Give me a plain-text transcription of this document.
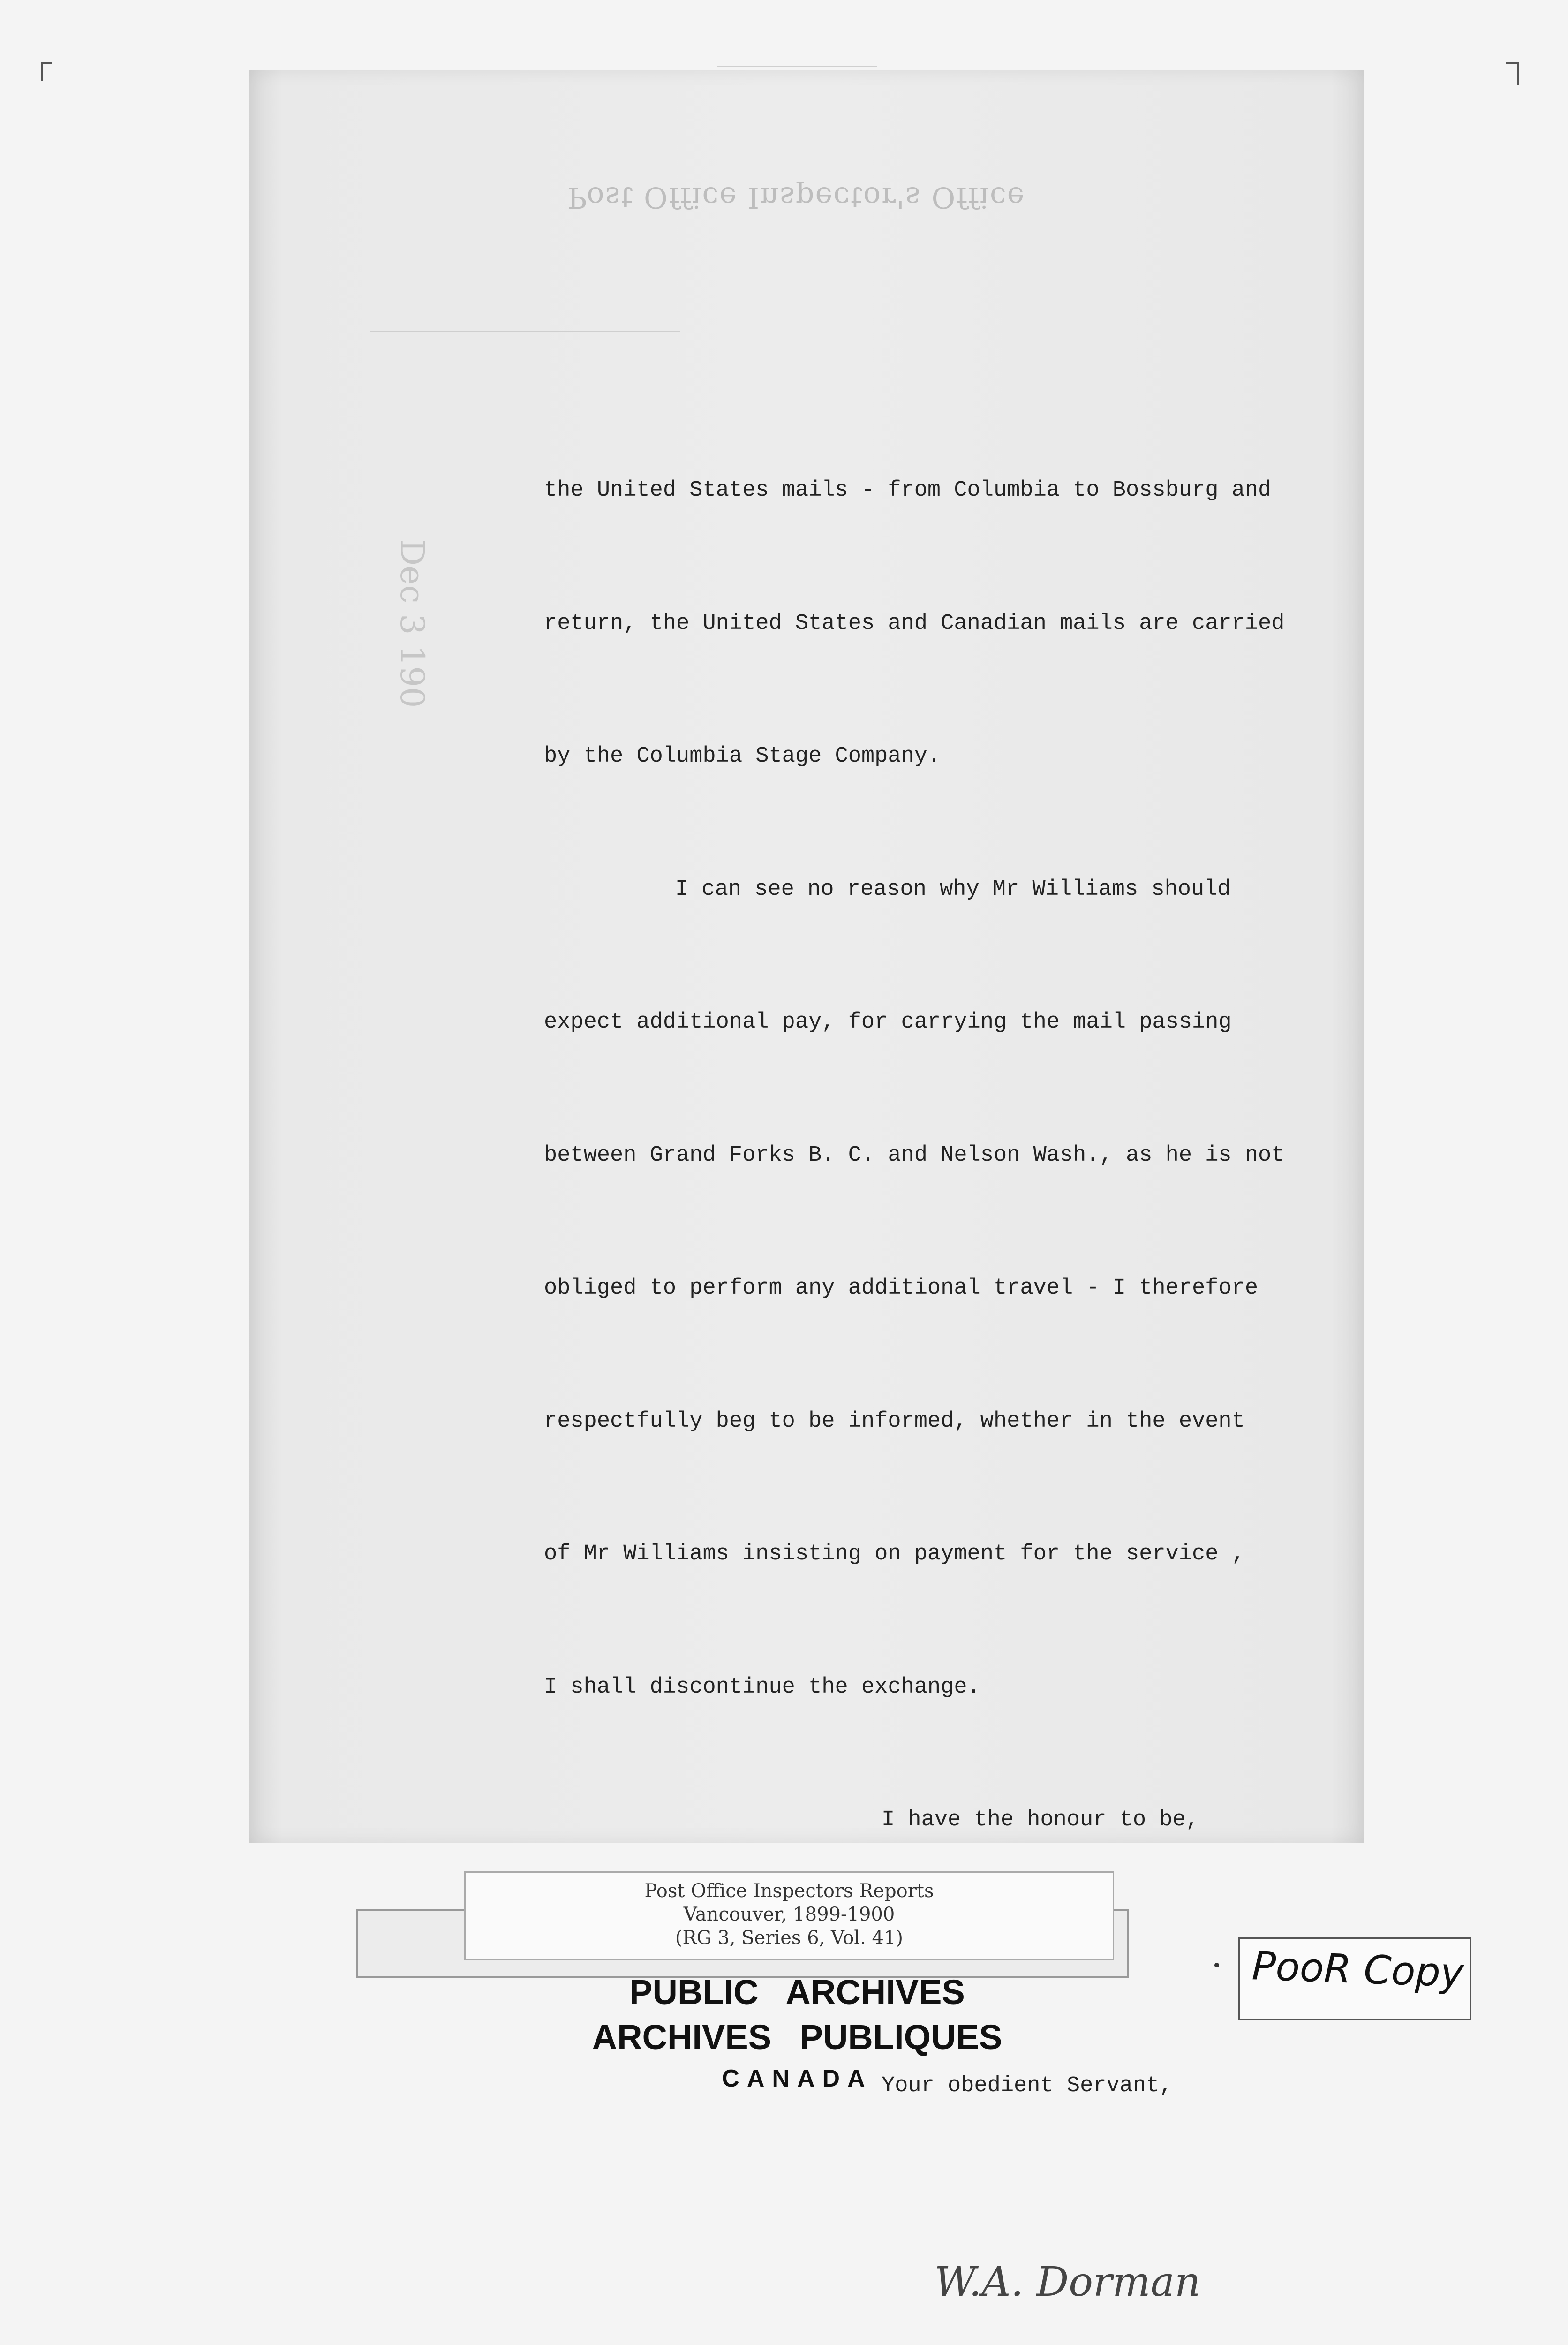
Post Office Inspector's Office
Dec 3 190

the United States mails - from Columbia to Bossburg and

return, the United States and Canadian mails are carried

by the Columbia Stage Company.

I can see no reason why Mr Williams should

expect additional pay, for carrying the mail passing

between Grand Forks B. C. and Nelson Wash., as he is not

obliged to perform any additional travel - I therefore

respectfully beg to be informed, whether in the event

of Mr Williams insisting on payment for the service ,

I shall discontinue the exchange.

I have the honour to be,

Your obedient Servant,

W.A. Dorman

Post Office Inspectors Reports
Vancouver, 1899-1900
(RG 3, Series 6, Vol. 41)
PUBLIC ARCHIVES
ARCHIVES PUBLIQUES
CANADA
PooR Copy
